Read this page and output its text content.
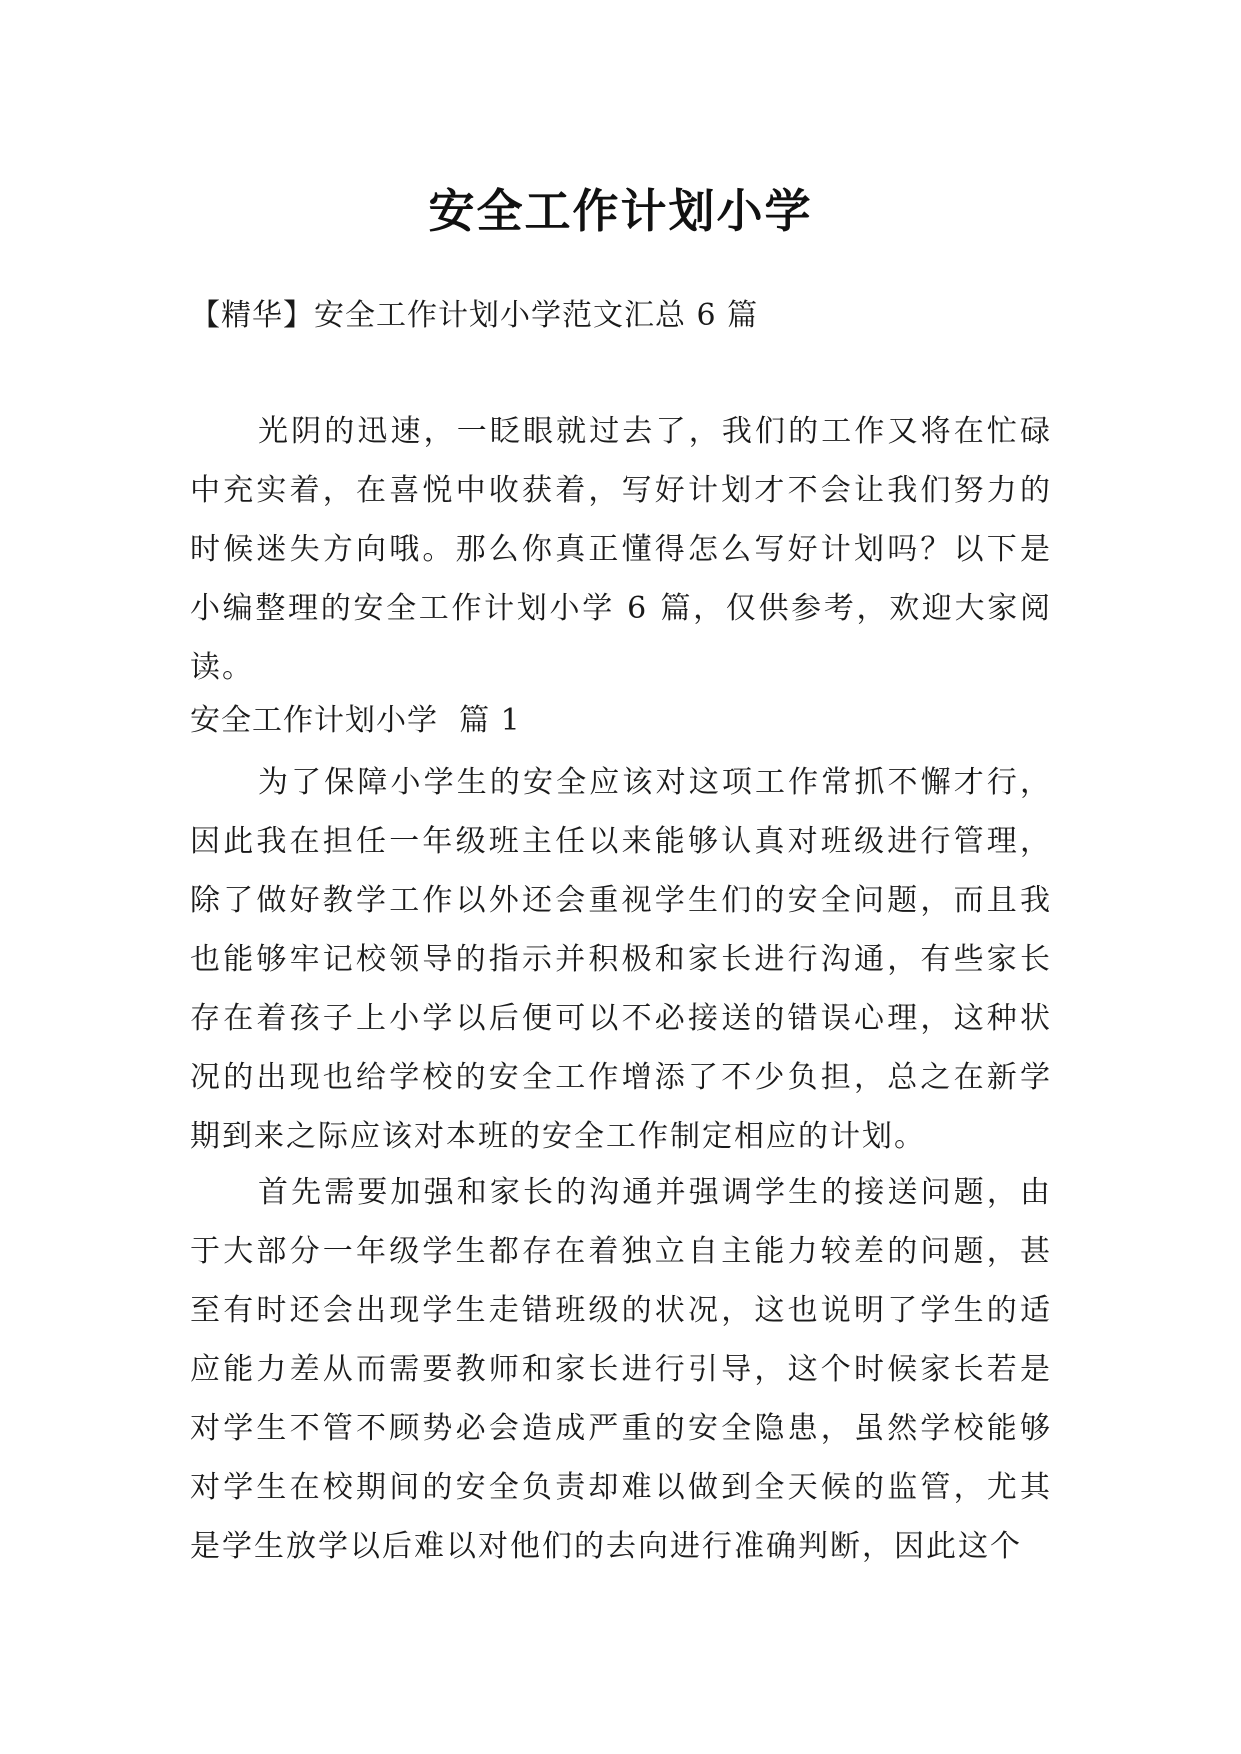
安全工作计划小学
【精华】安全工作计划小学范文汇总 6 篇

光阴的迅速，一眨眼就过去了，我们的工作又将在忙碌中充实着，在喜悦中收获着，写好计划才不会让我们努力的时候迷失方向哦。那么你真正懂得怎么写好计划吗？以下是小编整理的安全工作计划小学 6 篇，仅供参考，欢迎大家阅读。

安全工作计划小学  篇 1

为了保障小学生的安全应该对这项工作常抓不懈才行，因此我在担任一年级班主任以来能够认真对班级进行管理，除了做好教学工作以外还会重视学生们的安全问题，而且我也能够牢记校领导的指示并积极和家长进行沟通，有些家长存在着孩子上小学以后便可以不必接送的错误心理，这种状况的出现也给学校的安全工作增添了不少负担，总之在新学期到来之际应该对本班的安全工作制定相应的计划。

首先需要加强和家长的沟通并强调学生的接送问题，由于大部分一年级学生都存在着独立自主能力较差的问题，甚至有时还会出现学生走错班级的状况，这也说明了学生的适应能力差从而需要教师和家长进行引导，这个时候家长若是对学生不管不顾势必会造成严重的安全隐患，虽然学校能够对学生在校期间的安全负责却难以做到全天候的监管，尤其是学生放学以后难以对他们的去向进行准确判断，因此这个
